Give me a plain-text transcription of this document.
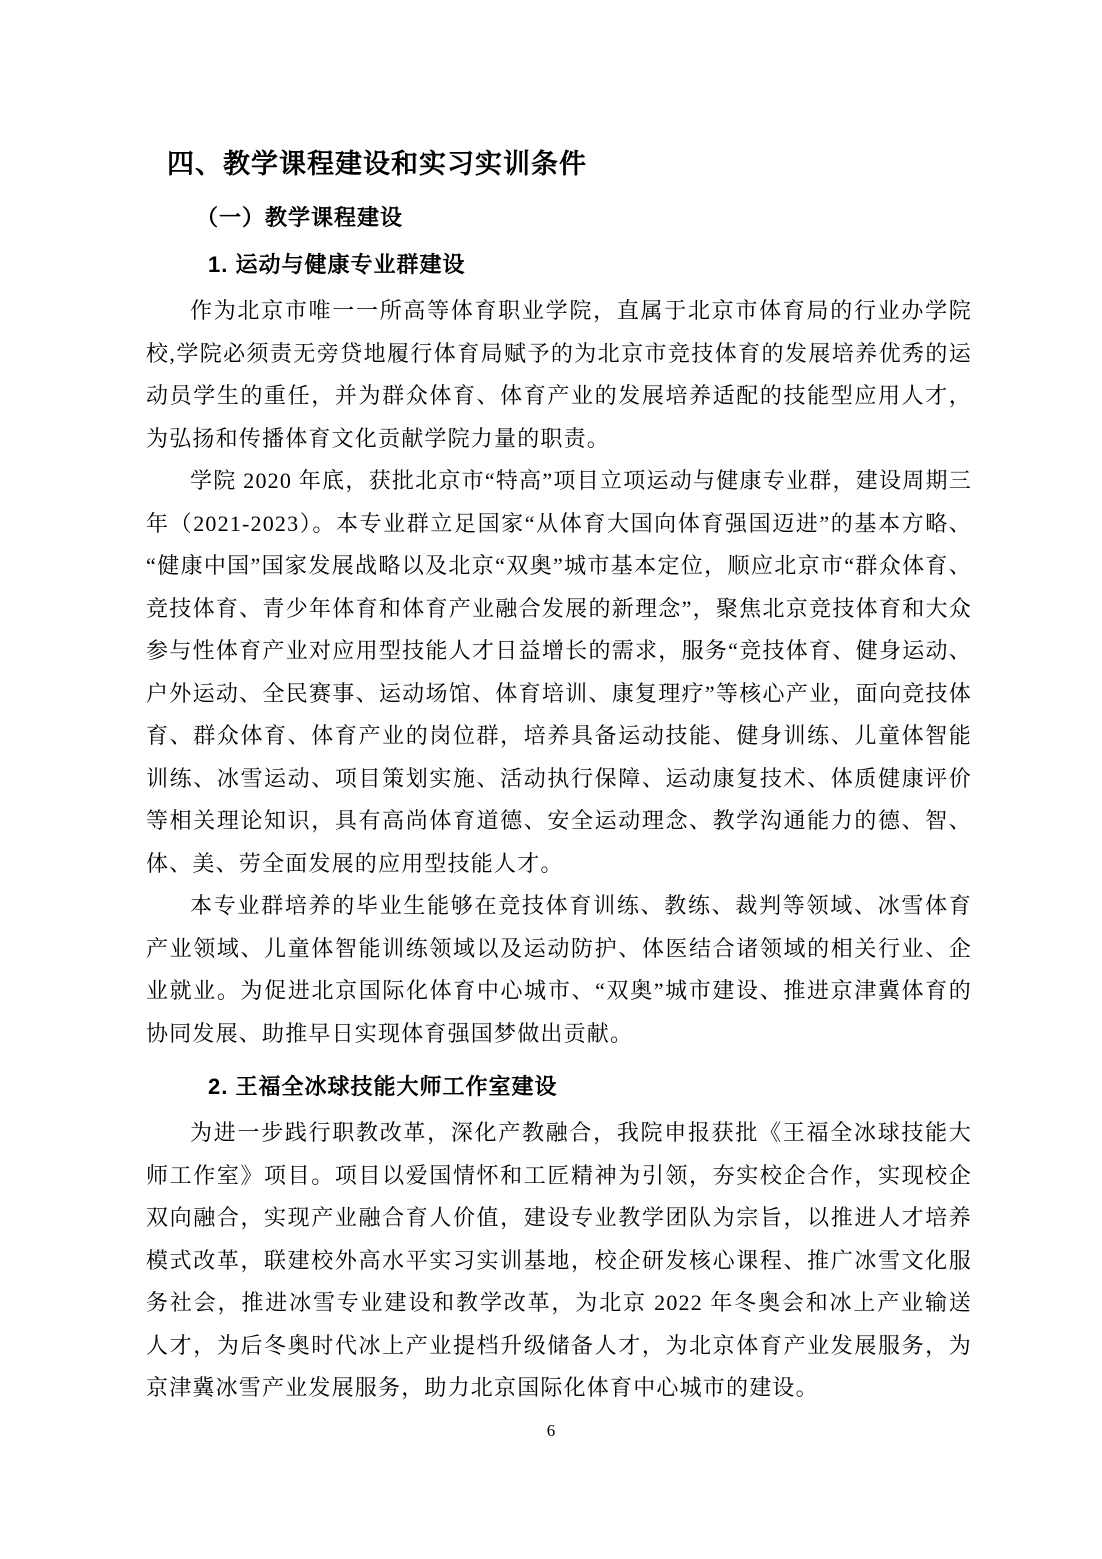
四、教学课程建设和实习实训条件
（一）教学课程建设
1. 运动与健康专业群建设

作为北京市唯一一所高等体育职业学院，直属于北京市体育局的行业办学院校,学院必须责无旁贷地履行体育局赋予的为北京市竞技体育的发展培养优秀的运动员学生的重任，并为群众体育、体育产业的发展培养适配的技能型应用人才，为弘扬和传播体育文化贡献学院力量的职责。

学院 2020 年底，获批北京市“特高”项目立项运动与健康专业群，建设周期三年（2021-2023）。本专业群立足国家“从体育大国向体育强国迈进”的基本方略、“健康中国”国家发展战略以及北京“双奥”城市基本定位，顺应北京市“群众体育、竞技体育、青少年体育和体育产业融合发展的新理念”，聚焦北京竞技体育和大众参与性体育产业对应用型技能人才日益增长的需求，服务“竞技体育、健身运动、户外运动、全民赛事、运动场馆、体育培训、康复理疗”等核心产业，面向竞技体育、群众体育、体育产业的岗位群，培养具备运动技能、健身训练、儿童体智能训练、冰雪运动、项目策划实施、活动执行保障、运动康复技术、体质健康评价等相关理论知识，具有高尚体育道德、安全运动理念、教学沟通能力的德、智、体、美、劳全面发展的应用型技能人才。

本专业群培养的毕业生能够在竞技体育训练、教练、裁判等领域、冰雪体育产业领域、儿童体智能训练领域以及运动防护、体医结合诸领域的相关行业、企业就业。为促进北京国际化体育中心城市、“双奥”城市建设、推进京津冀体育的协同发展、助推早日实现体育强国梦做出贡献。

2. 王福全冰球技能大师工作室建设

为进一步践行职教改革，深化产教融合，我院申报获批《王福全冰球技能大师工作室》项目。项目以爱国情怀和工匠精神为引领，夯实校企合作，实现校企双向融合，实现产业融合育人价值，建设专业教学团队为宗旨，以推进人才培养模式改革，联建校外高水平实习实训基地，校企研发核心课程、推广冰雪文化服务社会，推进冰雪专业建设和教学改革，为北京 2022 年冬奥会和冰上产业输送人才，为后冬奥时代冰上产业提档升级储备人才，为北京体育产业发展服务，为京津冀冰雪产业发展服务，助力北京国际化体育中心城市的建设。

6
